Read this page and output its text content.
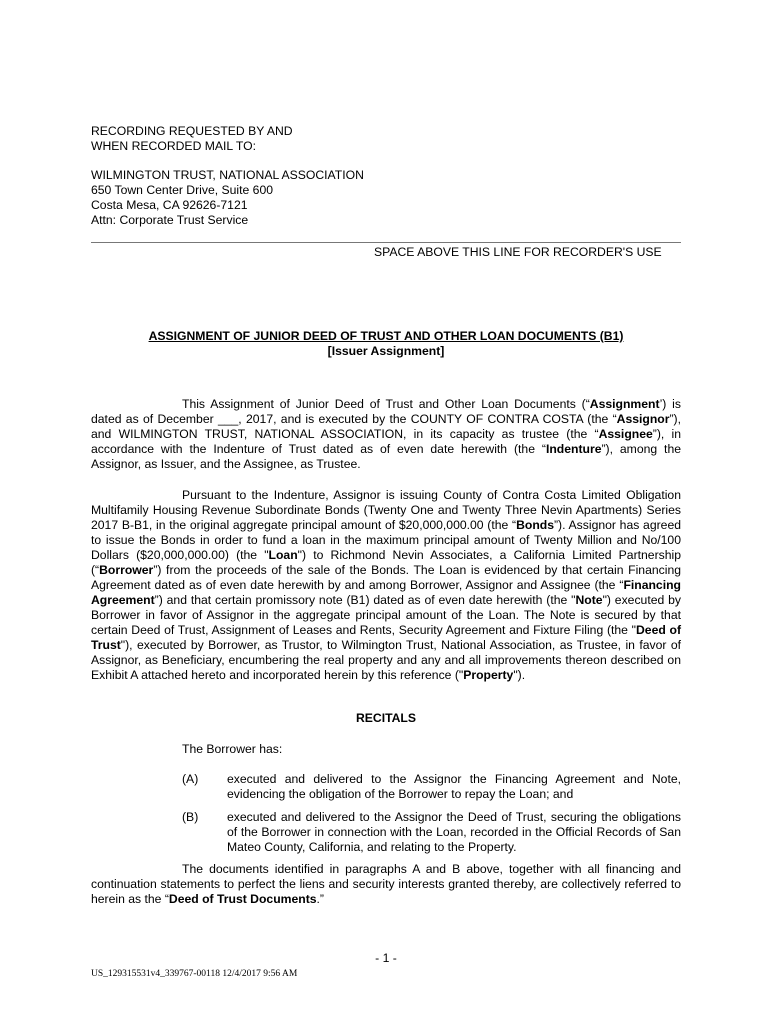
RECORDING REQUESTED BY AND
WHEN RECORDED MAIL TO:
WILMINGTON TRUST, NATIONAL ASSOCIATION
650 Town Center Drive, Suite 600
Costa Mesa, CA 92626-7121
Attn: Corporate Trust Service
SPACE ABOVE THIS LINE FOR RECORDER'S USE
ASSIGNMENT OF JUNIOR DEED OF TRUST AND OTHER LOAN DOCUMENTS (B1)
[Issuer Assignment]

This Assignment of Junior Deed of Trust and Other Loan Documents (“Assignment’) is dated as of December ___, 2017, and is executed by the COUNTY OF CONTRA COSTA (the “Assignor”), and WILMINGTON TRUST, NATIONAL ASSOCIATION, in its capacity as trustee (the “Assignee”), in accordance with the Indenture of Trust dated as of even date herewith (the “Indenture”), among the Assignor, as Issuer, and the Assignee, as Trustee.

Pursuant to the Indenture, Assignor is issuing County of Contra Costa Limited Obligation Multifamily Housing Revenue Subordinate Bonds (Twenty One and Twenty Three Nevin Apartments) Series 2017 B-B1, in the original aggregate principal amount of $20,000,000.00 (the “Bonds”). Assignor has agreed to issue the Bonds in order to fund a loan in the maximum principal amount of Twenty Million and No/100 Dollars ($20,000,000.00) (the "Loan") to Richmond Nevin Associates, a California Limited Partnership (“Borrower”) from the proceeds of the sale of the Bonds. The Loan is evidenced by that certain Financing Agreement dated as of even date herewith by and among Borrower, Assignor and Assignee (the “Financing Agreement”) and that certain promissory note (B1) dated as of even date herewith (the "Note") executed by Borrower in favor of Assignor in the aggregate principal amount of the Loan. The Note is secured by that certain Deed of Trust, Assignment of Leases and Rents, Security Agreement and Fixture Filing (the "Deed of Trust"), executed by Borrower, as Trustor, to Wilmington Trust, National Association, as Trustee, in favor of Assignor, as Beneficiary, encumbering the real property and any and all improvements thereon described on Exhibit A attached hereto and incorporated herein by this reference ("Property").

RECITALS
The Borrower has:
(A) executed and delivered to the Assignor the Financing Agreement and Note, evidencing the obligation of the Borrower to repay the Loan; and
(B) executed and delivered to the Assignor the Deed of Trust, securing the obligations of the Borrower in connection with the Loan, recorded in the Official Records of San Mateo County, California, and relating to the Property.

The documents identified in paragraphs A and B above, together with all financing and continuation statements to perfect the liens and security interests granted thereby, are collectively referred to herein as the “Deed of Trust Documents.”

- 1 -
US_129315531v4_339767-00118 12/4/2017 9:56 AM
